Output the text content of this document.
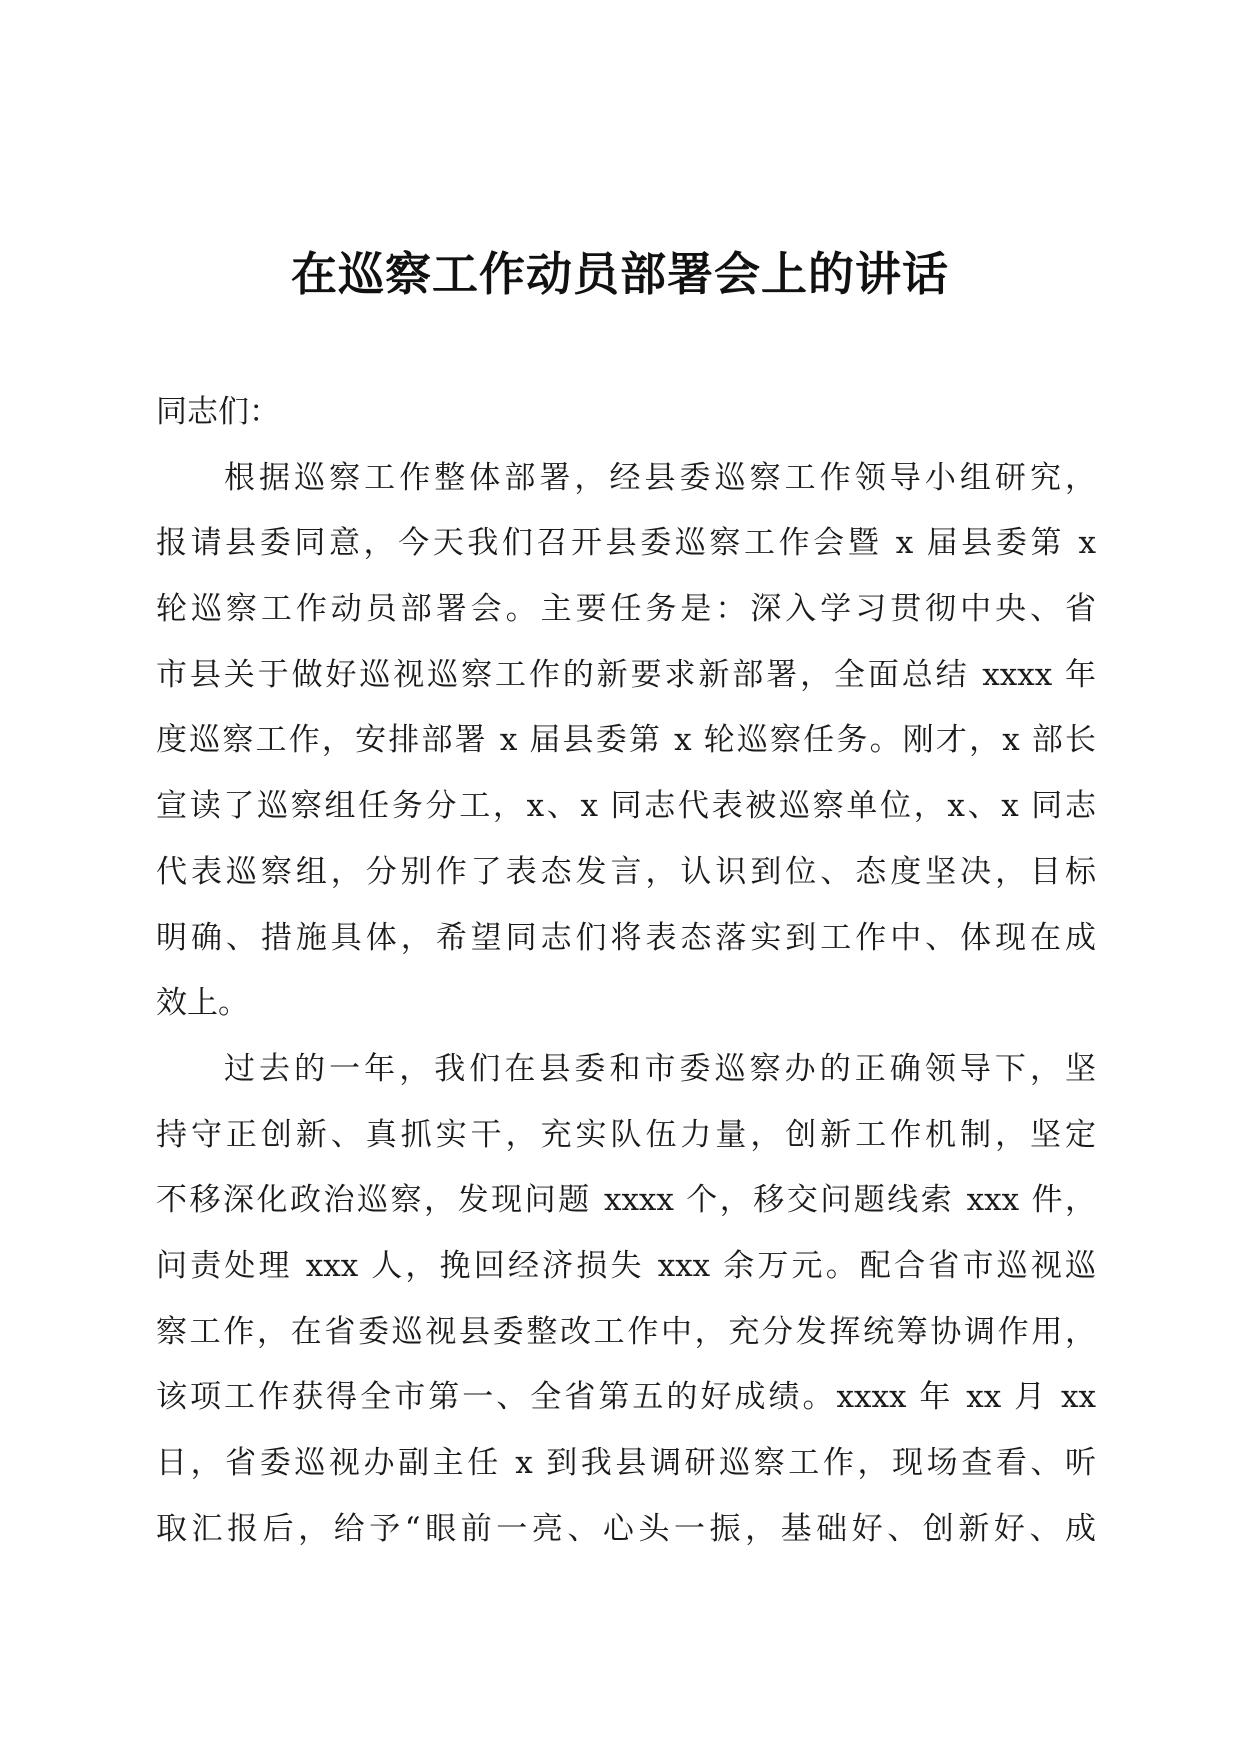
在巡察工作动员部署会上的讲话
同志们：
根据巡察工作整体部署，经县委巡察工作领导小组研究，
报请县委同意，今天我们召开县委巡察工作会暨 x 届县委第 x
轮巡察工作动员部署会。主要任务是：深入学习贯彻中央、省
市县关于做好巡视巡察工作的新要求新部署，全面总结 xxxx 年
度巡察工作，安排部署 x 届县委第 x 轮巡察任务。刚才，x 部长
宣读了巡察组任务分工，x、x 同志代表被巡察单位，x、x 同志
代表巡察组，分别作了表态发言，认识到位、态度坚决，目标
明确、措施具体，希望同志们将表态落实到工作中、体现在成
效上。
过去的一年，我们在县委和市委巡察办的正确领导下，坚
持守正创新、真抓实干，充实队伍力量，创新工作机制，坚定
不移深化政治巡察，发现问题 xxxx 个，移交问题线索 xxx 件，
问责处理 xxx 人，挽回经济损失 xxx 余万元。配合省市巡视巡
察工作，在省委巡视县委整改工作中，充分发挥统筹协调作用，
该项工作获得全市第一、全省第五的好成绩。xxxx 年 xx 月 xx
日，省委巡视办副主任 x 到我县调研巡察工作，现场查看、听
取汇报后，给予“眼前一亮、心头一振，基础好、创新好、成
